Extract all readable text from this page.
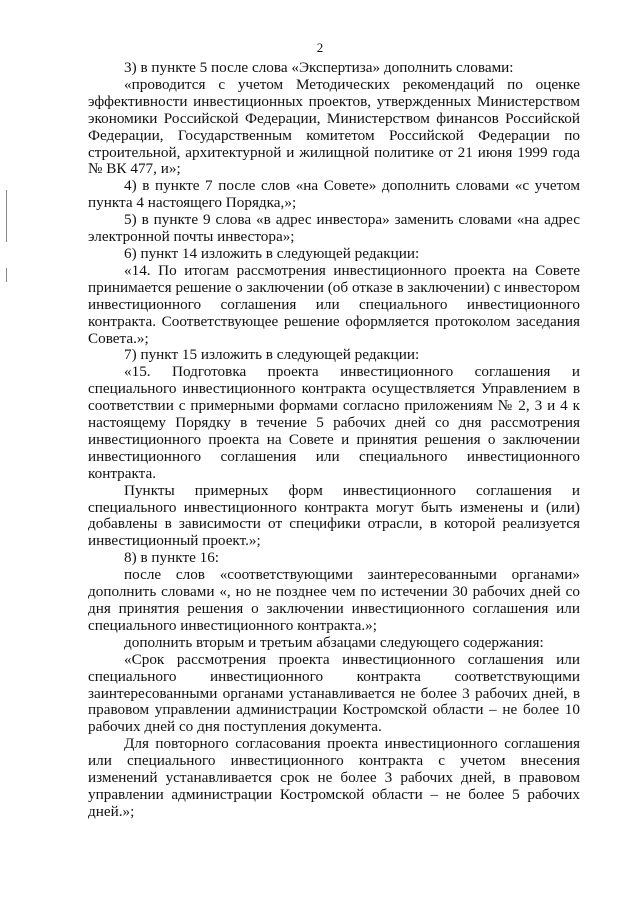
2

3) в пункте 5 после слова «Экспертиза» дополнить словами:

«проводится с учетом Методических рекомендаций по оценке эффективности инвестиционных проектов, утвержденных Министерством экономики Российской Федерации, Министерством финансов Российской Федерации, Государственным комитетом Российской Федерации по строительной, архитектурной и жилищной политике от 21 июня 1999 года № ВК 477, и»;

4) в пункте 7 после слов «на Совете» дополнить словами «с учетом пункта 4 настоящего Порядка,»;

5) в пункте 9 слова «в адрес инвестора» заменить словами «на адрес электронной почты инвестора»;

6) пункт 14 изложить в следующей редакции:

«14. По итогам рассмотрения инвестиционного проекта на Совете принимается решение о заключении (об отказе в заключении) с инвестором инвестиционного соглашения или специального инвестиционного контракта. Соответствующее решение оформляется протоколом заседания Совета.»;

7) пункт 15 изложить в следующей редакции:

«15. Подготовка проекта инвестиционного соглашения и специального инвестиционного контракта осуществляется Управлением в соответствии с примерными формами согласно приложениям № 2, 3 и 4 к настоящему Порядку в течение 5 рабочих дней со дня рассмотрения инвестиционного проекта на Совете и принятия решения о заключении инвестиционного соглашения или специального инвестиционного контракта.

Пункты примерных форм инвестиционного соглашения и специального инвестиционного контракта могут быть изменены и (или) добавлены в зависимости от специфики отрасли, в которой реализуется инвестиционный проект.»;

8) в пункте 16:

после слов «соответствующими заинтересованными органами» дополнить словами «, но не позднее чем по истечении 30 рабочих дней со дня принятия решения о заключении инвестиционного соглашения или специального инвестиционного контракта.»;

дополнить вторым и третьим абзацами следующего содержания:

«Срок рассмотрения проекта инвестиционного соглашения или специального инвестиционного контракта соответствующими заинтересованными органами устанавливается не более 3 рабочих дней, в правовом управлении администрации Костромской области – не более 10 рабочих дней со дня поступления документа.

Для повторного согласования проекта инвестиционного соглашения или специального инвестиционного контракта с учетом внесения изменений устанавливается срок не более 3 рабочих дней, в правовом управлении администрации Костромской области – не более 5 рабочих дней.»;
